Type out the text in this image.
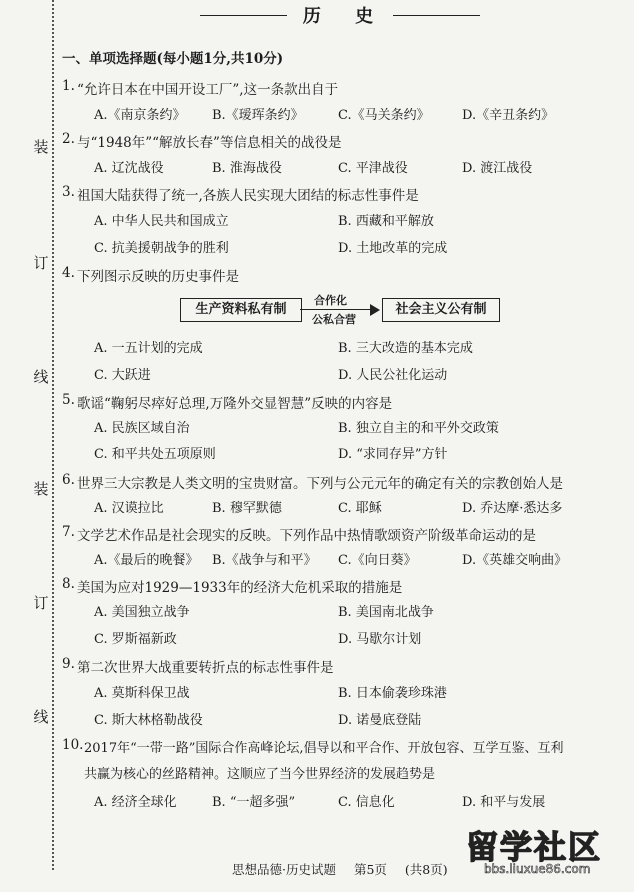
装
订
线
装
订
线
历 史
一、单项选择题(每小题1分,共10分)
1. “允许日本在中国开设工厂”,这一条款出自于
A.《南京条约》 B.《瑷珲条约》	C.《马关条约》 D.《辛丑条约》
2. 与“1948年”“解放长春”等信息相关的战役是
A. 辽沈战役	B. 淮海战役	C. 平津战役	D. 渡江战役
3. 祖国大陆获得了统一,各族人民实现大团结的标志性事件是
A. 中华人民共和国成立	B. 西藏和平解放
C. 抗美援朝战争的胜利	D. 土地改革的完成
4. 下列图示反映的历史事件是
A. 一五计划的完成	B. 三大改造的基本完成
C. 大跃进	D. 人民公社化运动
生产资料私有制
合作化
公私合营
社会主义公有制
5. 歌谣“鞠躬尽瘁好总理,万隆外交显智慧”反映的内容是
A. 民族区域自治	B. 独立自主的和平外交政策
C. 和平共处五项原则	D. “求同存异”方针
6. 世界三大宗教是人类文明的宝贵财富。下列与公元元年的确定有关的宗教创始人是
A. 汉谟拉比	B. 穆罕默德	C. 耶稣	D. 乔达摩·悉达多
7. 文学艺术作品是社会现实的反映。下列作品中热情歌颂资产阶级革命运动的是
A.《最后的晚餐》 B.《战争与和平》 C.《向日葵》	D.《英雄交响曲》
8. 美国为应对1929—1933年的经济大危机采取的措施是
A. 美国独立战争	B. 美国南北战争
C. 罗斯福新政	D. 马歇尔计划
9. 第二次世界大战重要转折点的标志性事件是
A. 莫斯科保卫战	B. 日本偷袭珍珠港
C. 斯大林格勒战役	D. 诺曼底登陆
10. 2017年“一带一路”国际合作高峰论坛,倡导以和平合作、开放包容、互学互鉴、互利
共赢为核心的丝路精神。这顺应了当今世界经济的发展趋势是
A. 经济全球化	B. “一超多强”	C. 信息化	D. 和平与发展
思想品德·历史试题 第5页 (共8页)
留学社区
bbs.liuxue86.com
